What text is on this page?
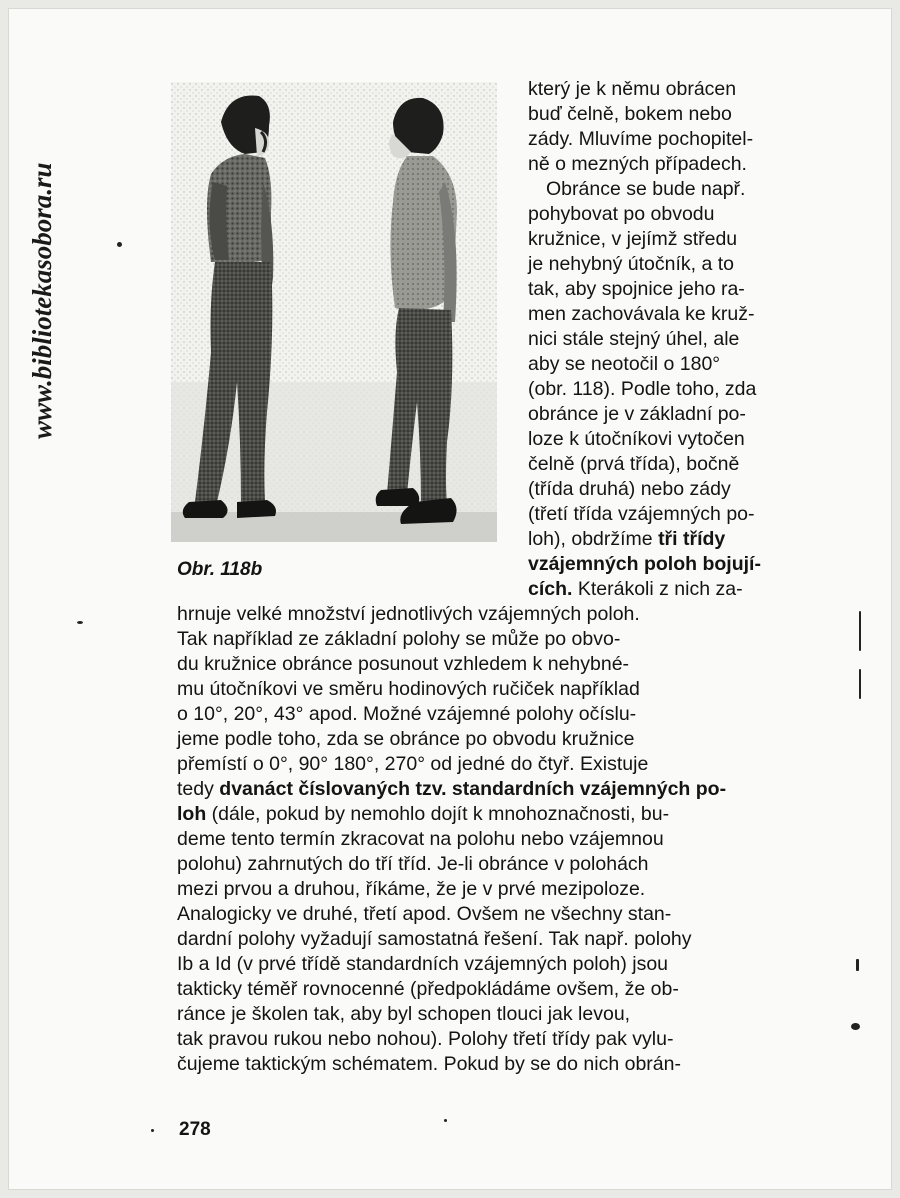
www.bibliotekasobora.ru
Obr. 118b
který je k němu obrácen
buď čelně, bokem nebo
zády. Mluvíme pochopitel-
ně o mezných případech.
Obránce se bude např.
pohybovat po obvodu
kružnice, v jejímž středu
je nehybný útočník, a to
tak, aby spojnice jeho ra-
men zachovávala ke kruž-
nici stále stejný úhel, ale
aby se neotočil o 180°
(obr. 118). Podle toho, zda
obránce je v základní po-
loze k útočníkovi vytočen
čelně (prvá třída), bočně
(třída druhá) nebo zády
(třetí třída vzájemných po-
loh), obdržíme tři třídy
vzájemných poloh bojují-
cích. Kterákoli z nich za-
hrnuje velké množství jednotlivých vzájemných poloh.
Tak například ze základní polohy se může po obvo-
du kružnice obránce posunout vzhledem k nehybné-
mu útočníkovi ve směru hodinových ručiček například
o 10°, 20°, 43° apod. Možné vzájemné polohy očíslu-
jeme podle toho, zda se obránce po obvodu kružnice
přemístí o 0°, 90° 180°, 270° od jedné do čtyř. Existuje
tedy dvanáct číslovaných tzv. standardních vzájemných po-
loh (dále, pokud by nemohlo dojít k mnohoznačnosti, bu-
deme tento termín zkracovat na polohu nebo vzájemnou
polohu) zahrnutých do tří tříd. Je-li obránce v polohách
mezi prvou a druhou, říkáme, že je v prvé mezipoloze.
Analogicky ve druhé, třetí apod. Ovšem ne všechny stan-
dardní polohy vyžadují samostatná řešení. Tak např. polohy
Ib a Id (v prvé třídě standardních vzájemných poloh) jsou
takticky téměř rovnocenné (předpokládáme ovšem, že ob-
ránce je školen tak, aby byl schopen tlouci jak levou,
tak pravou rukou nebo nohou). Polohy třetí třídy pak vylu-
čujeme taktickým schématem. Pokud by se do nich obrán-
278
